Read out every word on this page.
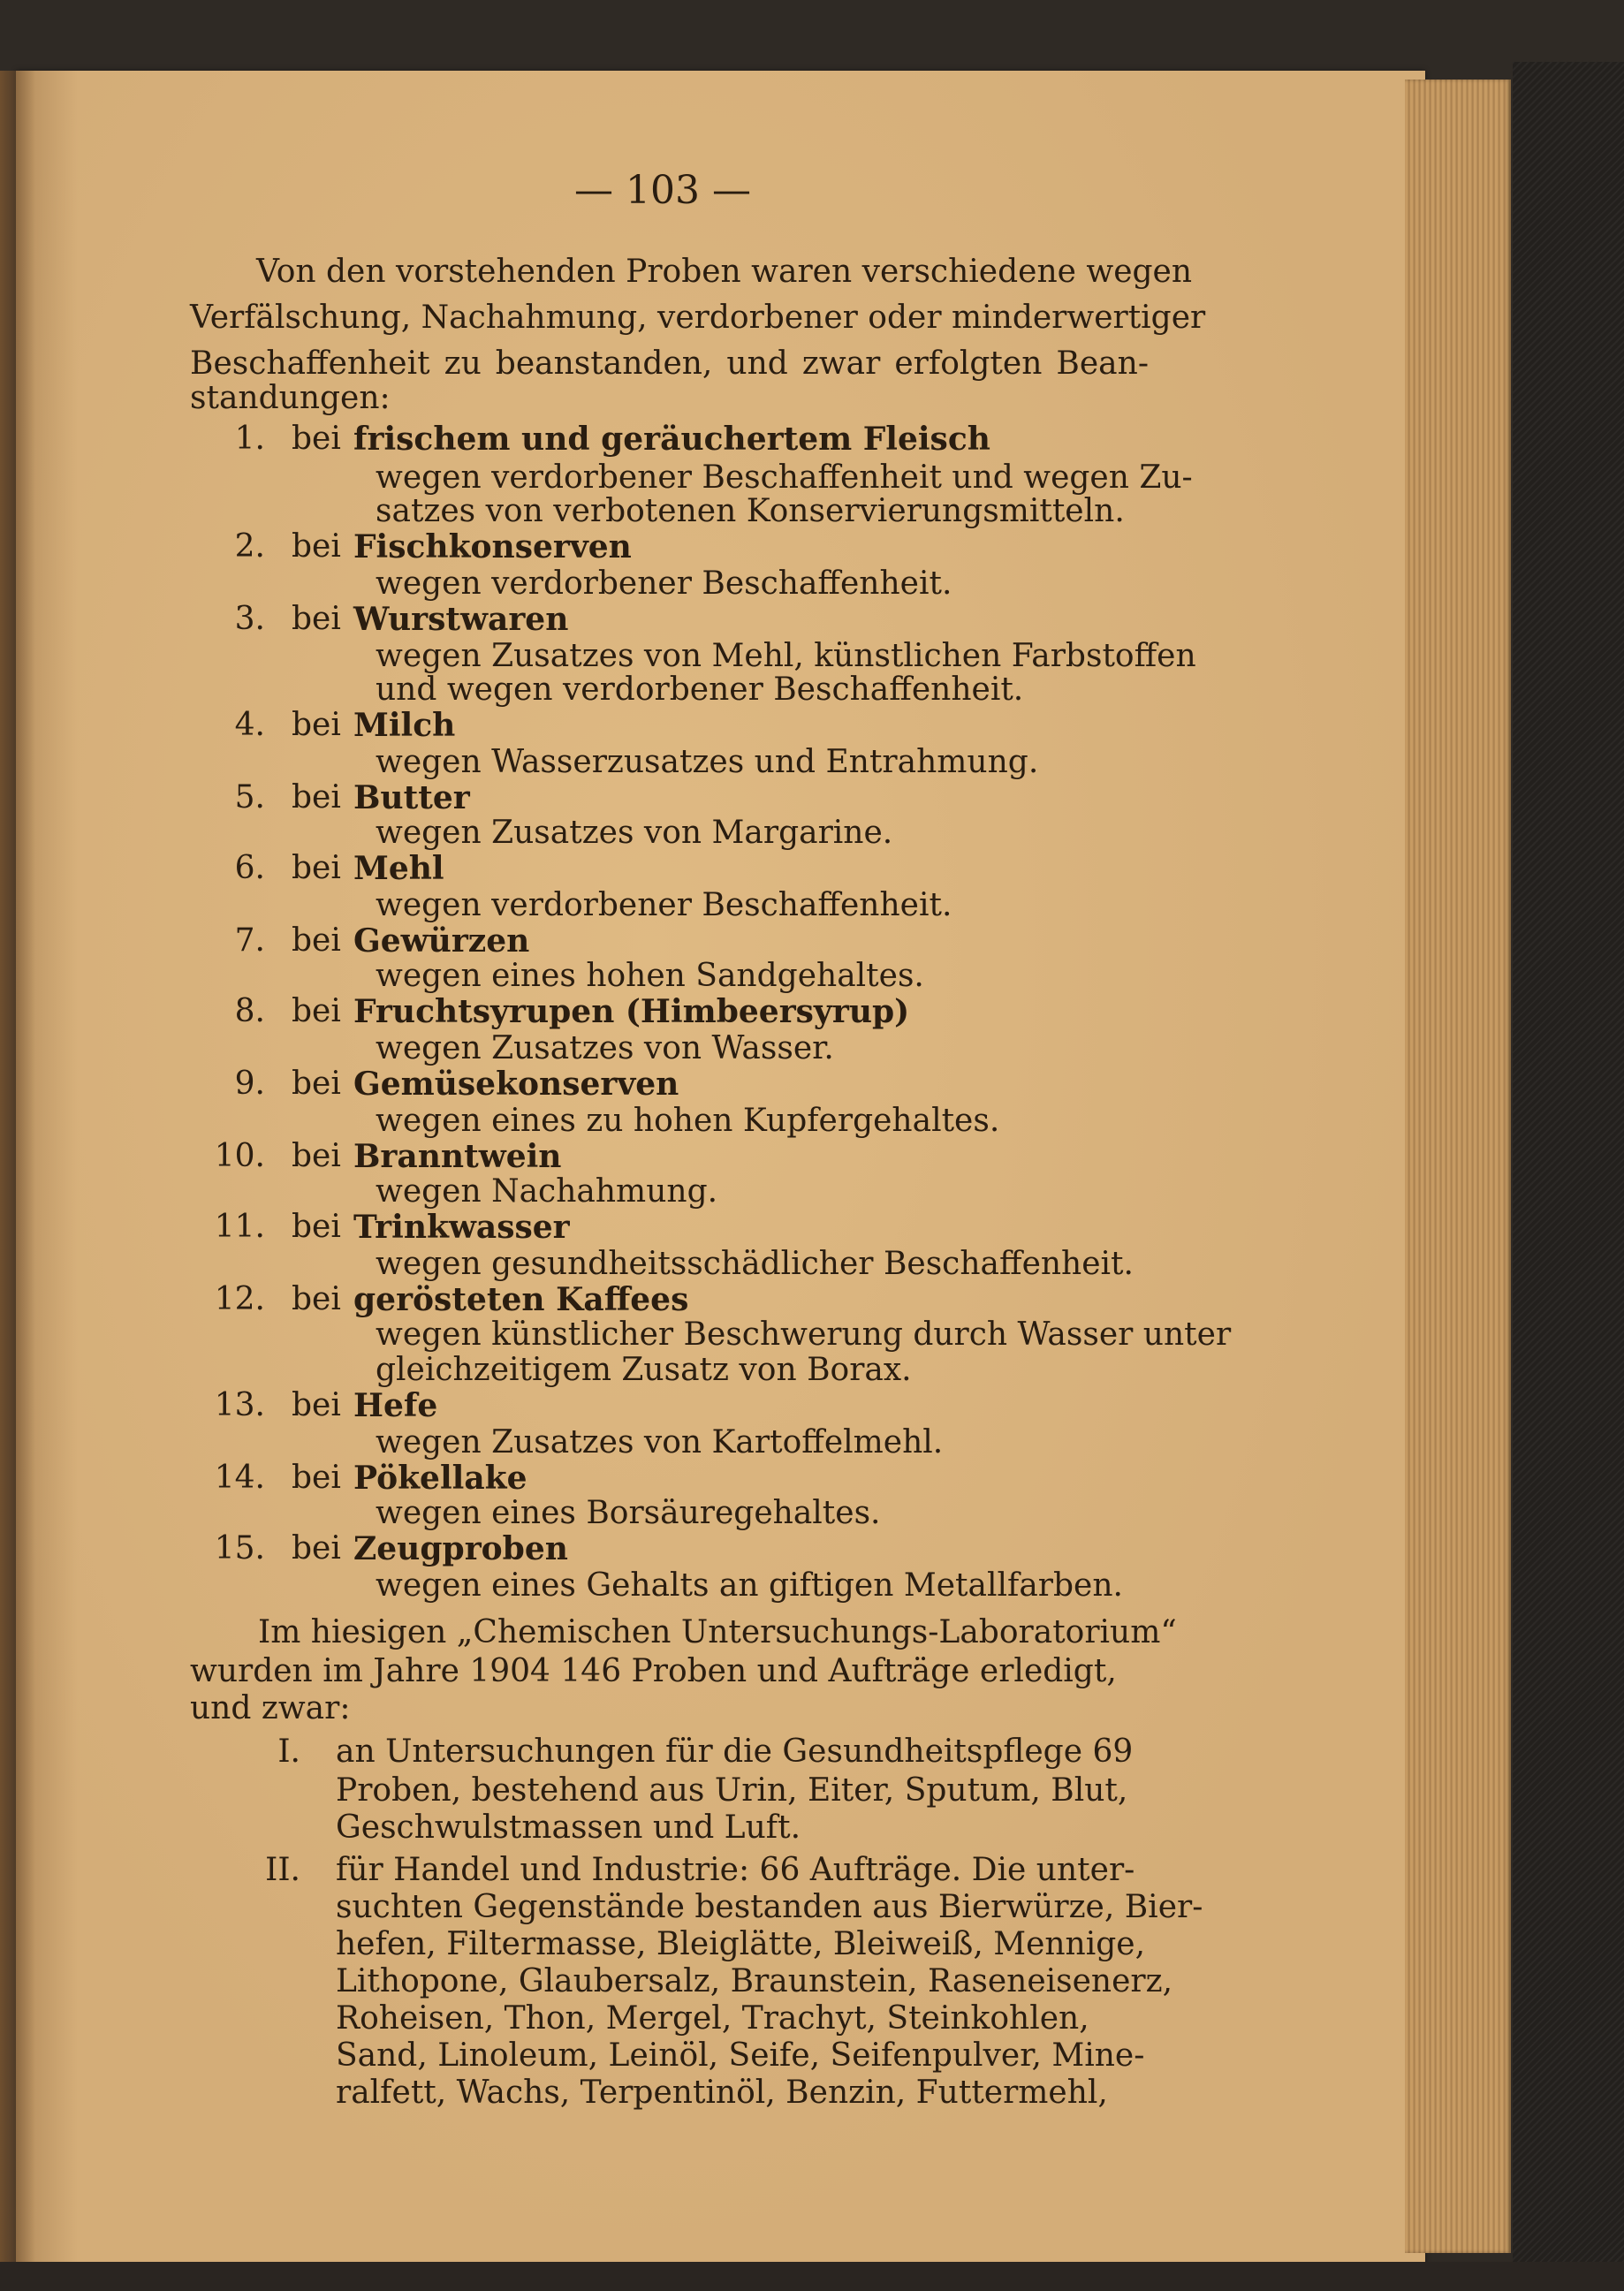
— 103 —
Von den vorstehenden Proben waren verschiedene wegen
Verfälschung, Nachahmung, verdorbener oder minderwertiger
Beschaffenheit zu beanstanden, und zwar erfolgten Bean-
standungen:
1. bei frischem und geräuchertem Fleisch
wegen verdorbener Beschaffenheit und wegen Zu-
satzes von verbotenen Konservierungsmitteln.
2. bei Fischkonserven
wegen verdorbener Beschaffenheit.
3. bei Wurstwaren
wegen Zusatzes von Mehl, künstlichen Farbstoffen
und wegen verdorbener Beschaffenheit.
4. bei Milch
wegen Wasserzusatzes und Entrahmung.
5. bei Butter
wegen Zusatzes von Margarine.
6. bei Mehl
wegen verdorbener Beschaffenheit.
7. bei Gewürzen
wegen eines hohen Sandgehaltes.
8. bei Fruchtsyrupen (Himbeersyrup)
wegen Zusatzes von Wasser.
9. bei Gemüsekonserven
wegen eines zu hohen Kupfergehaltes.
10. bei Branntwein
wegen Nachahmung.
11. bei Trinkwasser
wegen gesundheitsschädlicher Beschaffenheit.
12. bei gerösteten Kaffees
wegen künstlicher Beschwerung durch Wasser unter
gleichzeitigem Zusatz von Borax.
13. bei Hefe
wegen Zusatzes von Kartoffelmehl.
14. bei Pökellake
wegen eines Borsäuregehaltes.
15. bei Zeugproben
wegen eines Gehalts an giftigen Metallfarben.
Im hiesigen „Chemischen Untersuchungs-Laboratorium“
wurden im Jahre 1904 146 Proben und Aufträge erledigt,
und zwar:
I. an Untersuchungen für die Gesundheitspflege 69
Proben, bestehend aus Urin, Eiter, Sputum, Blut,
Geschwulstmassen und Luft.
II. für Handel und Industrie: 66 Aufträge. Die unter-
suchten Gegenstände bestanden aus Bierwürze, Bier-
hefen, Filtermasse, Bleiglätte, Bleiweiß, Mennige,
Lithopone, Glaubersalz, Braunstein, Raseneisenerz,
Roheisen, Thon, Mergel, Trachyt, Steinkohlen,
Sand, Linoleum, Leinöl, Seife, Seifenpulver, Mine-
ralfett, Wachs, Terpentinöl, Benzin, Futtermehl,
